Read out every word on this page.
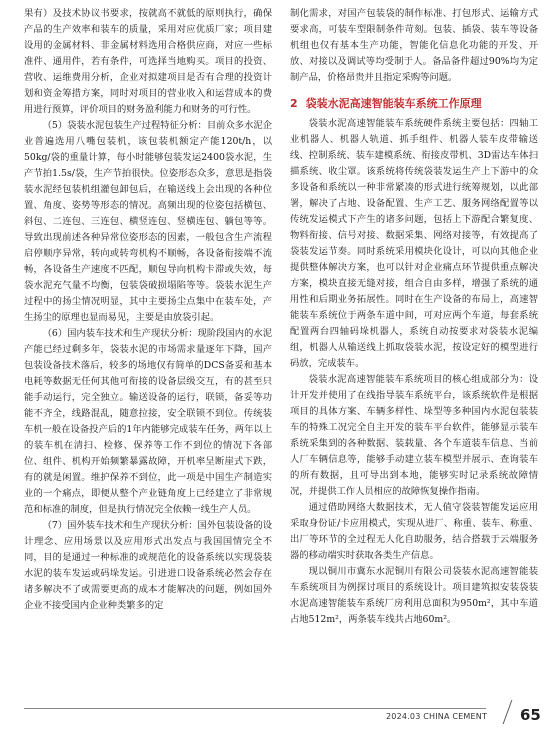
果有）及技术协议书要求，按就高不就低的原则执行，确保产品的生产效率和装车的质量，采用对应优质厂家；项目建设用的金属材料、非金属材料选用合格供应商，对应一些标准件、通用件，若有条件，可选择当地购买。项目的投资、营收、运维费用分析，企业对拟建项目是否有合理的投资计划和资金筹措方案，同时对项目的营业收入和运营成本的费用进行预算，评价项目的财务盈利能力和财务的可行性。

（5）袋装水泥包装生产过程特征分析：目前众多水泥企业普遍选用八嘴包装机，该包装机额定产能120t/h，以50kg/袋的重量计算，每小时能够包装发运2400袋水泥，生产节拍1.5s/袋，生产节拍很快。位姿形态众多，意思是指袋装水泥经包装机组灌包卸包后，在输送线上会出现的各种位置、角度、姿势等形态的情况。高频出现的位姿包括横包、斜包、二连包、三连包、横竖连包、竖横连包、躺包等等。导致出现前述各种异常位姿形态的因素，一般包含生产流程启停顺序异常，转向或转弯机构不顺畅，各设备衔接端不流畅，各设备生产速度不匹配，顺包导向机构卡滞或失效，每袋水泥充气量不均衡，包装袋破损塌陷等等。袋装水泥生产过程中的扬尘情况明显，其中主要扬尘点集中在装车处，产生扬尘的原理也显而易见，主要是由放袋引起。

（6）国内装车技术和生产现状分析：现阶段国内的水泥产能已经过剩多年，袋装水泥的市场需求量逐年下降，国产包装设备技术落后，较多的场地仅有简单的DCS备妥和基本电耗等数据无任何其他可衔接的设备层级交互，有的甚至只能手动运行，完全独立。输送设备的运行，联锁，备妥等功能不齐全，线路混乱，随意拉接，安全联锁不到位。传统装车机一般在设备投产后的1年内能够完成装车任务，两年以上的装车机在清扫、检修、保养等工作不到位的情况下各部位、组件、机构开始频繁暴露故障，开机率呈断崖式下跌，有的就是闲置。维护保养不到位，此一项是中国生产制造实业的一个痛点，即便从整个产业链角度上已经建立了非常规范和标准的制度，但是执行情况完全依赖一线生产人员。

（7）国外装车技术和生产现状分析：国外包装设备的设计理念、应用场景以及应用形式出发点与我国国情完全不同，目的是通过一种标准的或规范化的设备系统以实现袋装水泥的装车发运或码垛发运。引进进口设备系统必然会存在诸多解决不了或需要更高的成本才能解决的问题，例如国外企业不接受国内企业种类繁多的定

制化需求，对国产包装袋的制作标准、打包形式、运输方式要求高，可装车型限制条件苛刻。包装、插袋、装车等设备机组也仅有基本生产功能，智能化信息化功能的开发、开放、对接以及调试等均受制于人。备品备件超过90%均为定制产品，价格昂贵并且指定采购等问题。

2 袋装水泥高速智能装车系统工作原理

袋装水泥高速智能装车系统硬件系统主要包括：四轴工业机器人、机器人轨道、抓手组件、机器人装车皮带输送线、控制系统、装车建模系统、衔接皮带机、3D雷达车体扫描系统、收尘罩。该系统将传统袋装发运生产上下游中的众多设备和系统以一种非常紧凑的形式进行统筹规划，以此部署，解决了占地、设备配置、生产工艺、服务网络配置等以传统发运模式下产生的诸多问题，包括上下游配合繁复度、物料衔接、信号对接、数据采集、网络对接等，有效提高了袋装发运节奏。同时系统采用模块化设计，可以向其他企业提供整体解决方案，也可以针对企业痛点环节提供重点解决方案，模块直接无缝对接，组合自由多样，增强了系统的通用性和后期业务拓展性。同时在生产设备的布局上，高速智能装车系统位于两条车道中间，可对应两个车道，每套系统配置两台四轴码垛机器人，系统自动按要求对袋装水泥编组，机器人从输送线上抓取袋装水泥，按设定好的模型进行码放，完成装车。

袋装水泥高速智能装车系统项目的核心组成部分为：设计开发并使用了在线指导装车系统平台，该系统软件是根据项目的具体方案、车辆多样性、垛型等多种国内水泥包装装车的特殊工况完全自主开发的装车平台软件，能够显示装车系统采集到的各种数据、装载量、各个车道装车信息、当前人厂车辆信息等，能够手动建立装车模型并展示、查询装车的所有数据，且可导出到本地，能够实时记录系统故障情况，并提供工作人员相应的故障恢复操作指南。

通过借助网络大数据技术，无人值守袋装智能发运应用采取身份证/卡应用模式，实现从进厂、称重、装车、称重、出厂等环节的全过程无人化自助服务，结合搭载于云端服务器的移动端实时获取各类生产信息。

现以铜川市冀东水泥铜川有限公司袋装水泥高速智能装车系统项目为例探讨项目的系统设计。项目建筑拟安装袋装水泥高速智能装车系统厂房利用总面积为950m²，其中车道占地512m²，两条装车线共占地60m²。

2024.03 CHINA CEMENT 65
